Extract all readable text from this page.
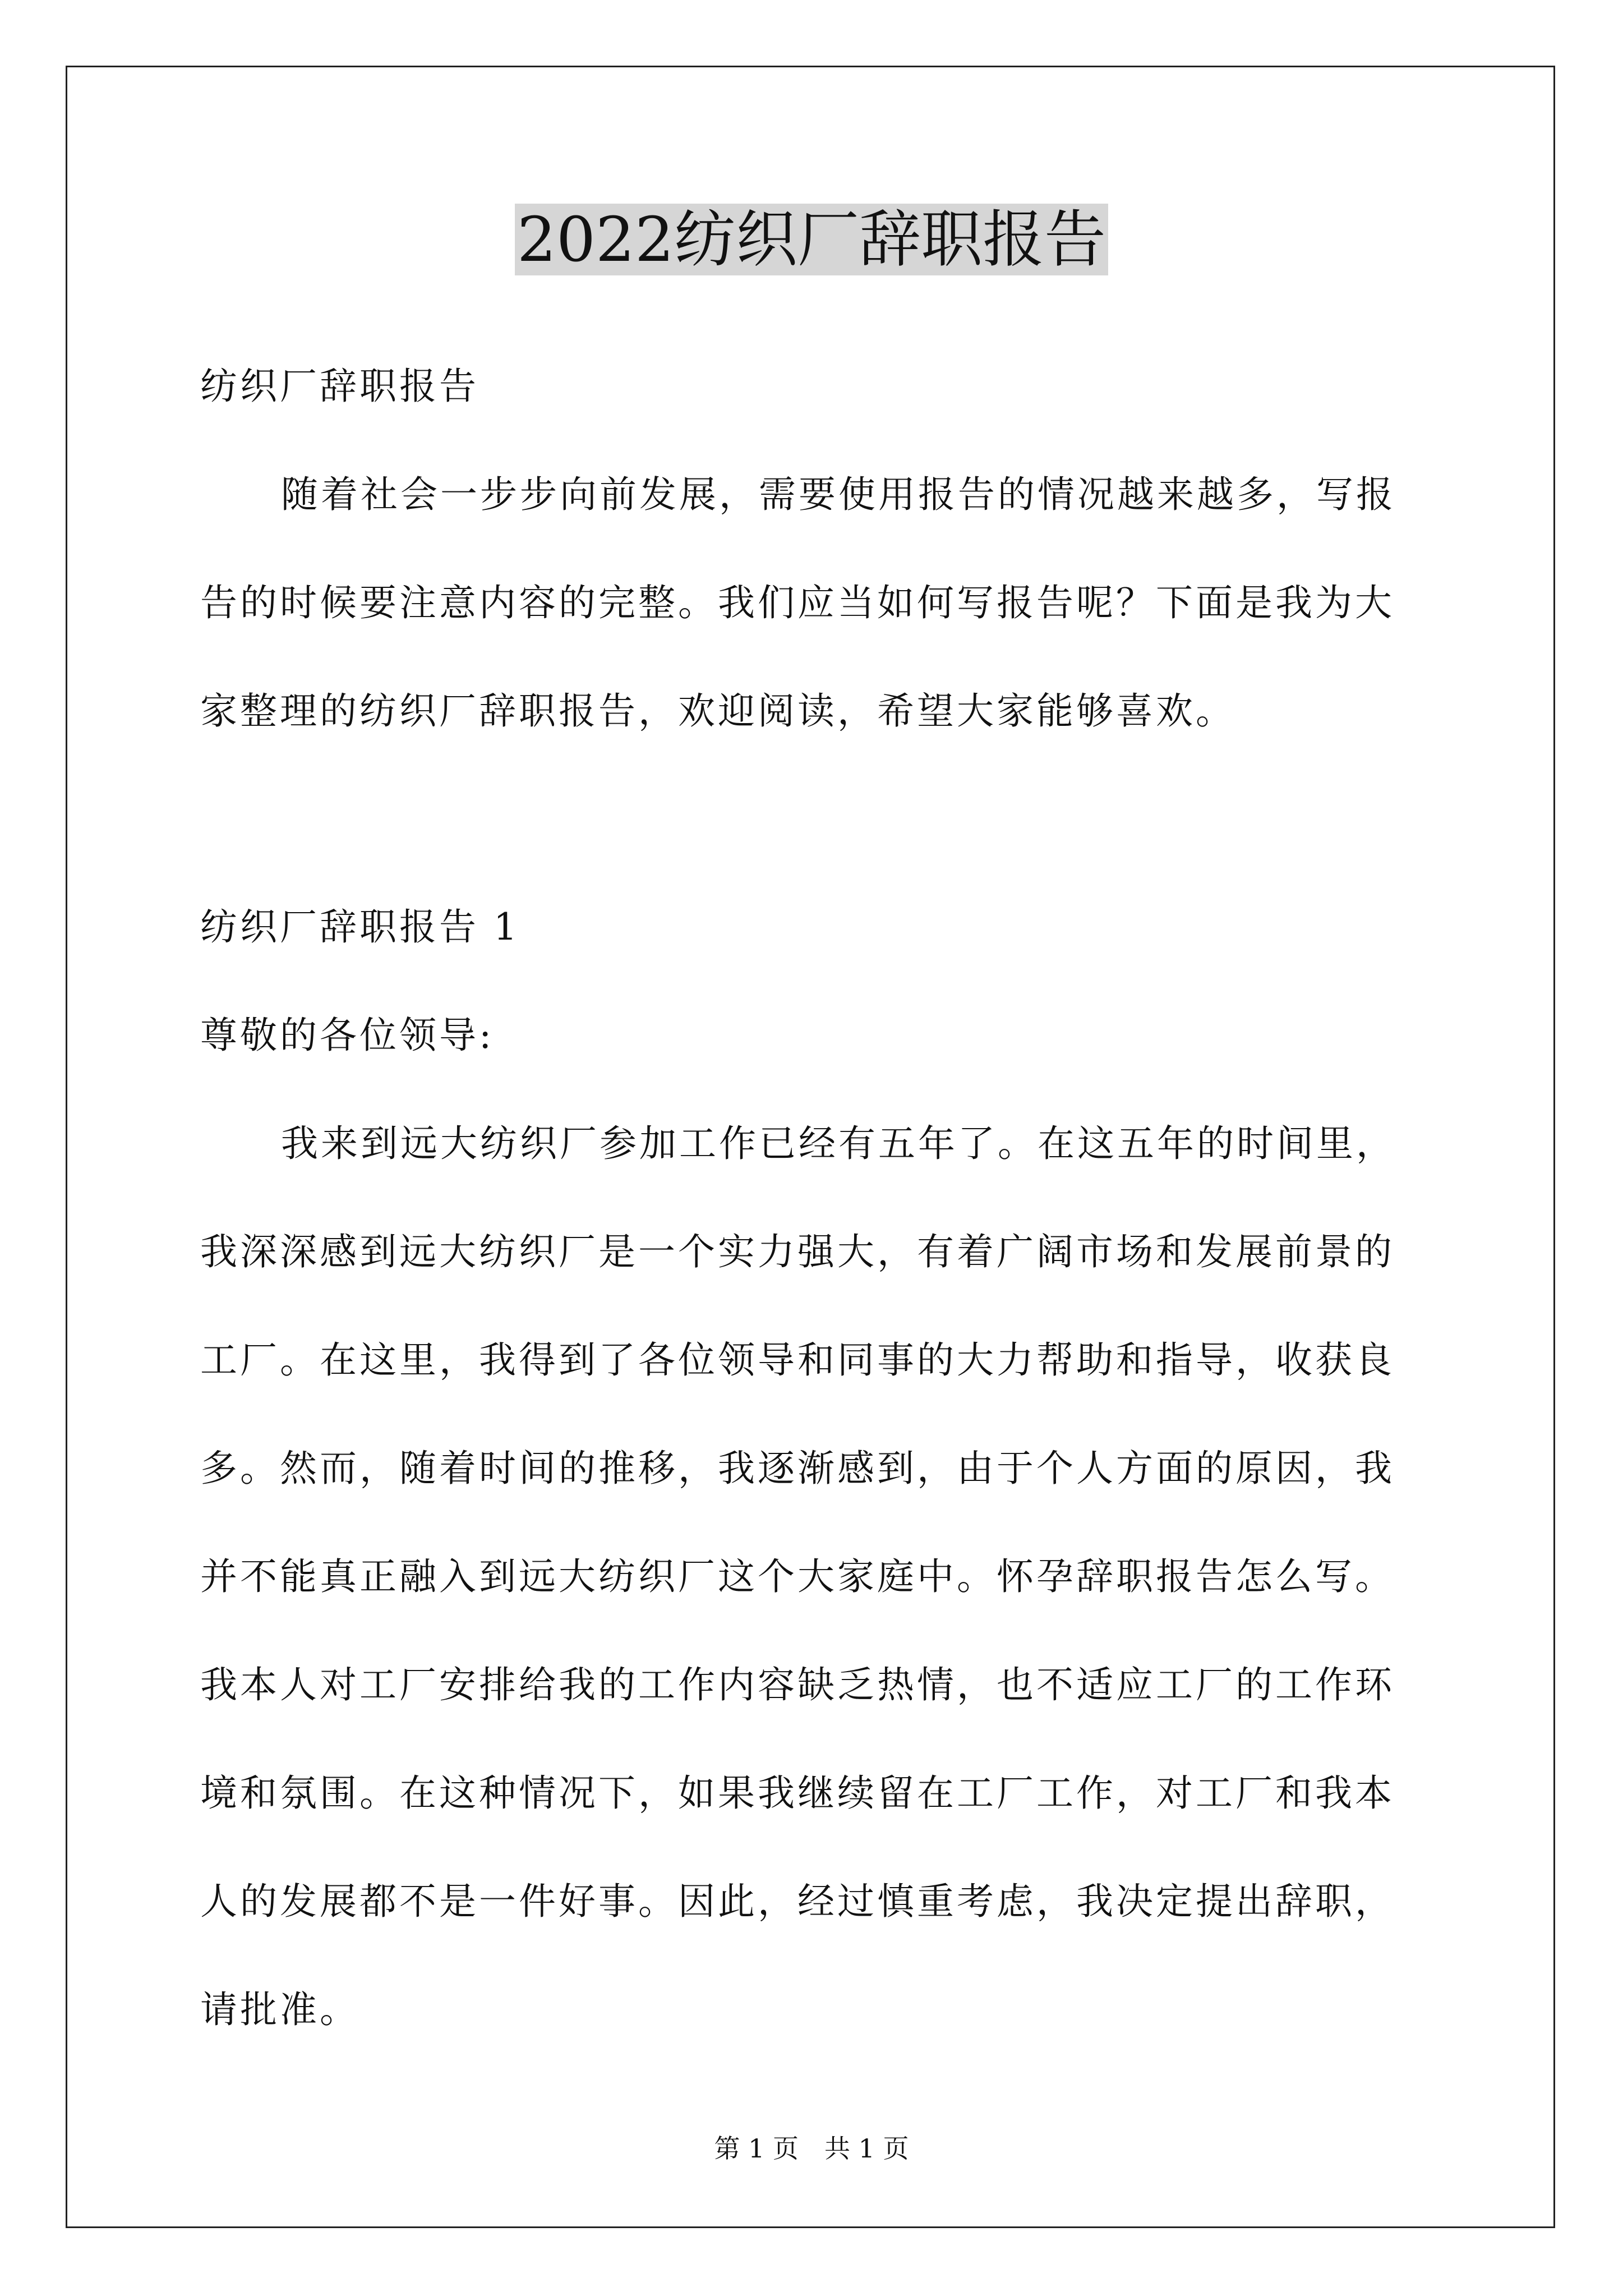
2022纺织厂辞职报告
纺织厂辞职报告
随着社会一步步向前发展，需要使用报告的情况越来越多，写报
告的时候要注意内容的完整。我们应当如何写报告呢？下面是我为大
家整理的纺织厂辞职报告，欢迎阅读，希望大家能够喜欢。
纺织厂辞职报告 1
尊敬的各位领导:
我来到远大纺织厂参加工作已经有五年了。在这五年的时间里，
我深深感到远大纺织厂是一个实力强大，有着广阔市场和发展前景的
工厂。在这里，我得到了各位领导和同事的大力帮助和指导，收获良
多。然而，随着时间的推移，我逐渐感到，由于个人方面的原因，我
并不能真正融入到远大纺织厂这个大家庭中。怀孕辞职报告怎么写。
我本人对工厂安排给我的工作内容缺乏热情，也不适应工厂的工作环
境和氛围。在这种情况下，如果我继续留在工厂工作，对工厂和我本
人的发展都不是一件好事。因此，经过慎重考虑，我决定提出辞职，
请批准。
第 1 页　共 1 页
